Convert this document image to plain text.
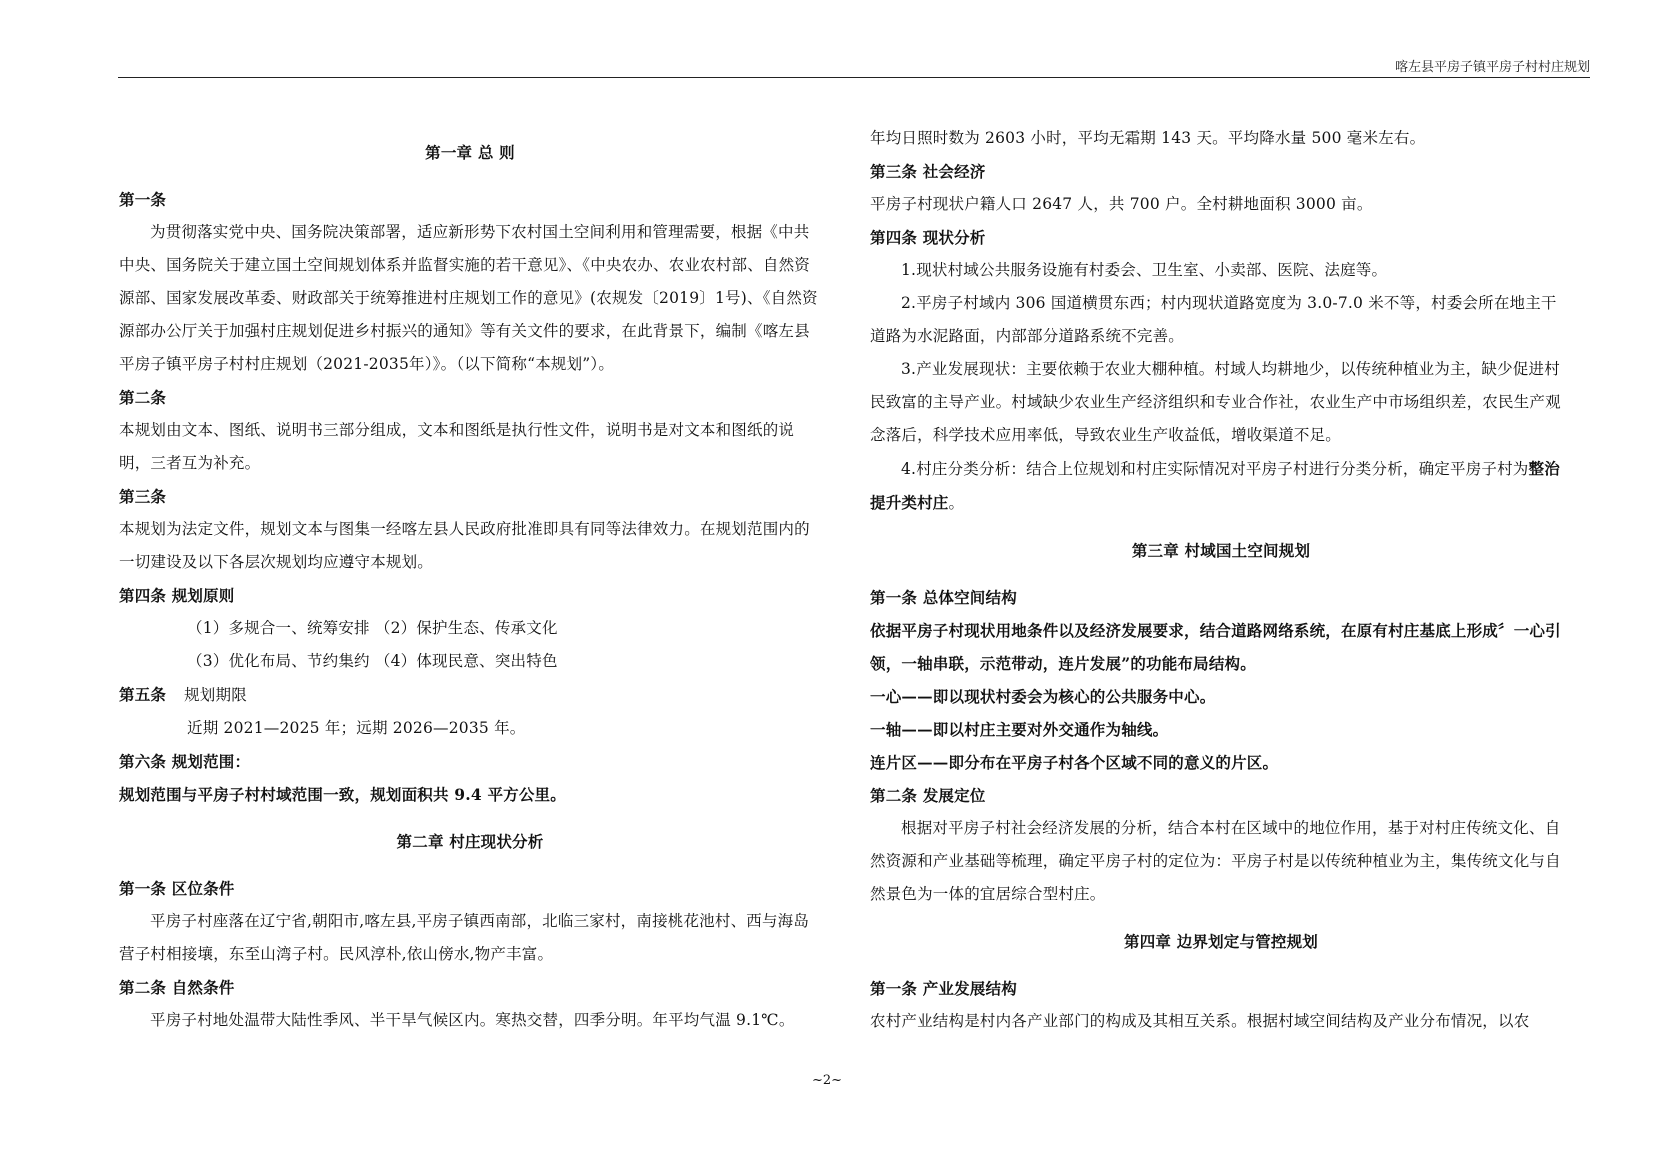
喀左县平房子镇平房子村村庄规划

第一章 总 则

第一条

为贯彻落实党中央、国务院决策部署，适应新形势下农村国土空间利用和管理需要，根据《中共中央、国务院关于建立国土空间规划体系并监督实施的若干意见》、《中央农办、农业农村部、自然资源部、国家发展改革委、财政部关于统筹推进村庄规划工作的意见》(农规发〔2019〕1号)、《自然资源部办公厅关于加强村庄规划促进乡村振兴的通知》等有关文件的要求，在此背景下，编制《喀左县平房子镇平房子村村庄规划（2021-2035年）》。（以下简称“本规划”）。

第二条

本规划由文本、图纸、说明书三部分组成，文本和图纸是执行性文件，说明书是对文本和图纸的说明，三者互为补充。

第三条

本规划为法定文件，规划文本与图集一经喀左县人民政府批准即具有同等法律效力。在规划范围内的一切建设及以下各层次规划均应遵守本规划。

第四条 规划原则

（1）多规合一、统筹安排 （2）保护生态、传承文化

（3）优化布局、节约集约 （4）体现民意、突出特色

第五条 规划期限

近期 2021—2025 年；远期 2026—2035 年。

第六条 规划范围：

规划范围与平房子村村域范围一致，规划面积共 9.4 平方公里。

第二章 村庄现状分析

第一条 区位条件

平房子村座落在辽宁省,朝阳市,喀左县,平房子镇西南部，北临三家村，南接桃花池村、西与海岛营子村相接壤，东至山湾子村。民风淳朴,依山傍水,物产丰富。

第二条 自然条件

平房子村地处温带大陆性季风、半干旱气候区内。寒热交替，四季分明。年平均气温 9.1℃。

年均日照时数为 2603 小时，平均无霜期 143 天。平均降水量 500 毫米左右。

第三条 社会经济

平房子村现状户籍人口 2647 人，共 700 户。全村耕地面积 3000 亩。

第四条 现状分析

1.现状村域公共服务设施有村委会、卫生室、小卖部、医院、法庭等。

2.平房子村域内 306 国道横贯东西；村内现状道路宽度为 3.0-7.0 米不等，村委会所在地主干道路为水泥路面，内部部分道路系统不完善。

3.产业发展现状：主要依赖于农业大棚种植。村域人均耕地少，以传统种植业为主，缺少促进村民致富的主导产业。村域缺少农业生产经济组织和专业合作社，农业生产中市场组织差，农民生产观念落后，科学技术应用率低，导致农业生产收益低，增收渠道不足。

4.村庄分类分析：结合上位规划和村庄实际情况对平房子村进行分类分析，确定平房子村为整治提升类村庄。

第三章 村域国土空间规划

第一条 总体空间结构

依据平房子村现状用地条件以及经济发展要求，结合道路网络系统，在原有村庄基底上形成〞一心引领，一轴串联，示范带动，连片发展”的功能布局结构。

一心——即以现状村委会为核心的公共服务中心。

一轴——即以村庄主要对外交通作为轴线。

连片区——即分布在平房子村各个区域不同的意义的片区。

第二条 发展定位

根据对平房子村社会经济发展的分析，结合本村在区域中的地位作用，基于对村庄传统文化、自然资源和产业基础等梳理，确定平房子村的定位为：平房子村是以传统种植业为主，集传统文化与自然景色为一体的宜居综合型村庄。

第四章 边界划定与管控规划

第一条 产业发展结构

农村产业结构是村内各产业部门的构成及其相互关系。根据村域空间结构及产业分布情况，以农

~2~
